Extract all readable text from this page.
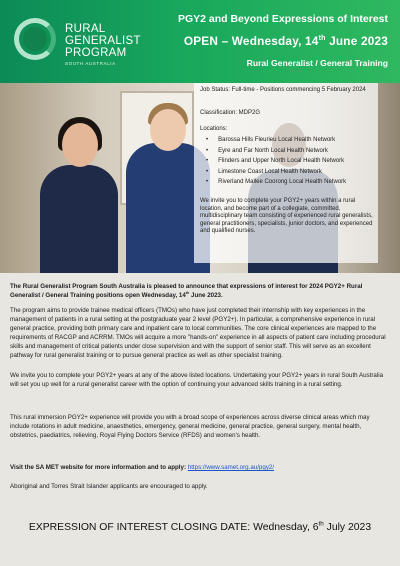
RURAL
GENERALIST
PROGRAM
SOUTH AUSTRALIA
PGY2 and Beyond Expressions of Interest
OPEN – Wednesday, 14th June 2023
Rural Generalist / General Training
Job Status: Full-time - Positions commencing 5 February 2024
Classification: MDP2G
Locations:
• Barossa Hills Fleurieu Local Health Network
• Eyre and Far North Local Health Network
• Flinders and Upper North Local Health Network
• Limestone Coast Local Health Network
• Riverland Mallee Coorong Local Health Network
We invite you to complete your PGY2+ years within a rural location, and become part of a collegiate, committed, multidisciplinary team consisting of experienced rural generalists, general practitioners, specialists, junior doctors, and experienced and qualified nurses.
The Rural Generalist Program South Australia is pleased to announce that expressions of interest for 2024 PGY2+ Rural Generalist / General Training positions open Wednesday, 14th June 2023.
The program aims to provide trainee medical officers (TMOs) who have just completed their internship with key experiences in the management of patients in a rural setting at the postgraduate year 2 level (PGY2+). In particular, a comprehensive experience in rural general practice, providing both primary care and inpatient care to local communities. The core clinical experiences are mapped to the requirements of RACGP and ACRRM. TMOs will acquire a more "hands-on" experience in all aspects of patient care including procedural skills and management of critical patients under close supervision and with the support of senior staff. This will serve as an excellent pathway for rural generalist training or to pursue general practice as well as other specialist training.
We invite you to complete your PGY2+ years at any of the above listed locations. Undertaking your PGY2+ years in rural South Australia will set you up well for a rural generalist career with the option of continuing your advanced skills training in a rural setting.
This rural immersion PGY2+ experience will provide you with a broad scope of experiences across diverse clinical areas which may include rotations in adult medicine, anaesthetics, emergency, general medicine, general practice, general surgery, mental health, obstetrics, paediatrics, relieving, Royal Flying Doctors Service (RFDS) and women's health.
Visit the SA MET website for more information and to apply: https://www.samet.org.au/pgy2/
Aboriginal and Torres Strait Islander applicants are encouraged to apply.
EXPRESSION OF INTEREST CLOSING DATE: Wednesday, 6th July 2023
